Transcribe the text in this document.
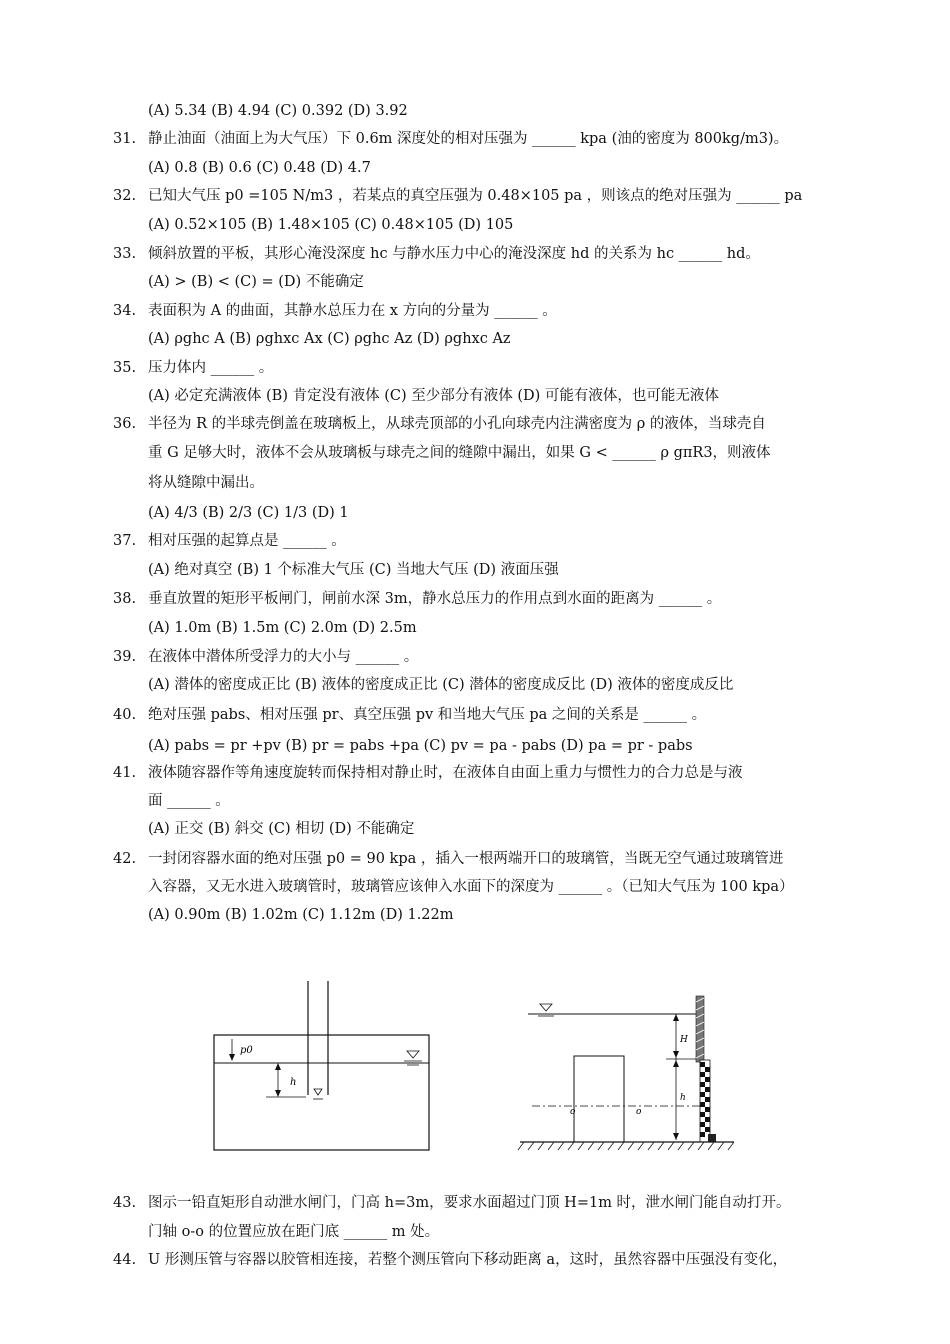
(A) 5.34 (B) 4.94 (C) 0.392 (D) 3.92
31. 静止油面（油面上为大气压）下 0.6m 深度处的相对压强为 ______ kpa (油的密度为 800kg/m3)。
(A) 0.8 (B) 0.6 (C) 0.48 (D) 4.7
32. 已知大气压 p0 =105 N/m3 ，若某点的真空压强为 0.48×105 pa ，则该点的绝对压强为 ______ pa
(A) 0.52×105 (B) 1.48×105 (C) 0.48×105 (D) 105
33. 倾斜放置的平板，其形心淹没深度 hc 与静水压力中心的淹没深度 hd 的关系为 hc ______ hd。
(A) > (B) < (C) = (D) 不能确定
34. 表面积为 A 的曲面，其静水总压力在 x 方向的分量为 ______ 。
(A) ρghc A (B) ρghxc Ax (C) ρghc Az (D) ρghxc Az
35. 压力体内 ______ 。
(A) 必定充满液体 (B) 肯定没有液体 (C) 至少部分有液体 (D) 可能有液体，也可能无液体
36. 半径为 R 的半球壳倒盖在玻璃板上，从球壳顶部的小孔向球壳内注满密度为 ρ 的液体，当球壳自
重 G 足够大时，液体不会从玻璃板与球壳之间的缝隙中漏出，如果 G < ______ ρ gπR3，则液体
将从缝隙中漏出。
(A) 4/3 (B) 2/3 (C) 1/3 (D) 1
37. 相对压强的起算点是 ______ 。
(A) 绝对真空 (B) 1 个标准大气压 (C) 当地大气压 (D) 液面压强
38. 垂直放置的矩形平板闸门，闸前水深 3m，静水总压力的作用点到水面的距离为 ______ 。
(A) 1.0m (B) 1.5m (C) 2.0m (D) 2.5m
39. 在液体中潜体所受浮力的大小与 ______ 。
(A) 潜体的密度成正比 (B) 液体的密度成正比 (C) 潜体的密度成反比 (D) 液体的密度成反比
40. 绝对压强 pabs、相对压强 pr、真空压强 pv 和当地大气压 pa 之间的关系是 ______ 。
(A) pabs = pr +pv (B) pr = pabs +pa (C) pv = pa - pabs (D) pa = pr - pabs
41. 液体随容器作等角速度旋转而保持相对静止时，在液体自由面上重力与惯性力的合力总是与液
面 ______ 。
(A) 正交 (B) 斜交 (C) 相切 (D) 不能确定
42. 一封闭容器水面的绝对压强 p0 = 90 kpa ，插入一根两端开口的玻璃管，当既无空气通过玻璃管进
入容器，又无水进入玻璃管时，玻璃管应该伸入水面下的深度为 ______ 。（已知大气压为 100 kpa）
(A) 0.90m (B) 1.02m (C) 1.12m (D) 1.22m
43. 图示一铅直矩形自动泄水闸门，门高 h=3m，要求水面超过门顶 H=1m 时，泄水闸门能自动打开。
门轴 o-o 的位置应放在距门底 ______ m 处。
44. U 形测压管与容器以胶管相连接，若整个测压管向下移动距离 a，这时，虽然容器中压强没有变化，
h
p0
H
h
o	o
